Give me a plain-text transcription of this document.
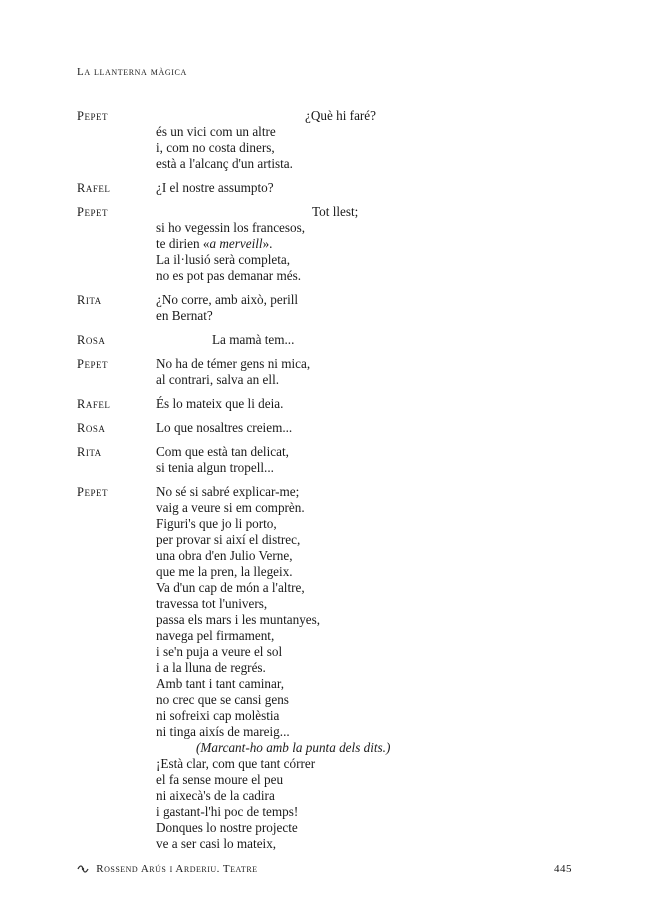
La llanterna màgica
Pepet	¿Què hi faré?
és un vici com un altre
i, com no costa diners,
està a l'alcanç d'un artista.
Rafel	¿I el nostre assumpto?
Pepet	Tot llest;
si ho vegessin los francesos,
te dirien «a merveill».
La il·lusió serà completa,
no es pot pas demanar més.
Rita	¿No corre, amb això, perill
en Bernat?
Rosa	La mamà tem...
Pepet	No ha de témer gens ni mica,
al contrari, salva an ell.
Rafel	És lo mateix que li deia.
Rosa	Lo que nosaltres creiem...
Rita	Com que està tan delicat,
si tenia algun tropell...
Pepet	No sé si sabré explicar-me;
vaig a veure si em comprèn.
Figuri's que jo li porto,
per provar si així el distrec,
una obra d'en Julio Verne,
que me la pren, la llegeix.
Va d'un cap de món a l'altre,
travessa tot l'univers,
passa els mars i les muntanyes,
navega pel firmament,
i se'n puja a veure el sol
i a la lluna de regrés.
Amb tant i tant caminar,
no crec que se cansi gens
ni sofreixi cap molèstia
ni tinga aixís de mareig...
(Marcant-ho amb la punta dels dits.)
¡Està clar, com que tant córrer
el fa sense moure el peu
ni aixecà's de la cadira
i gastant-l'hi poc de temps!
Donques lo nostre projecte
ve a ser casi lo mateix,
Rossend Arús i Arderiu. Teatre	445
